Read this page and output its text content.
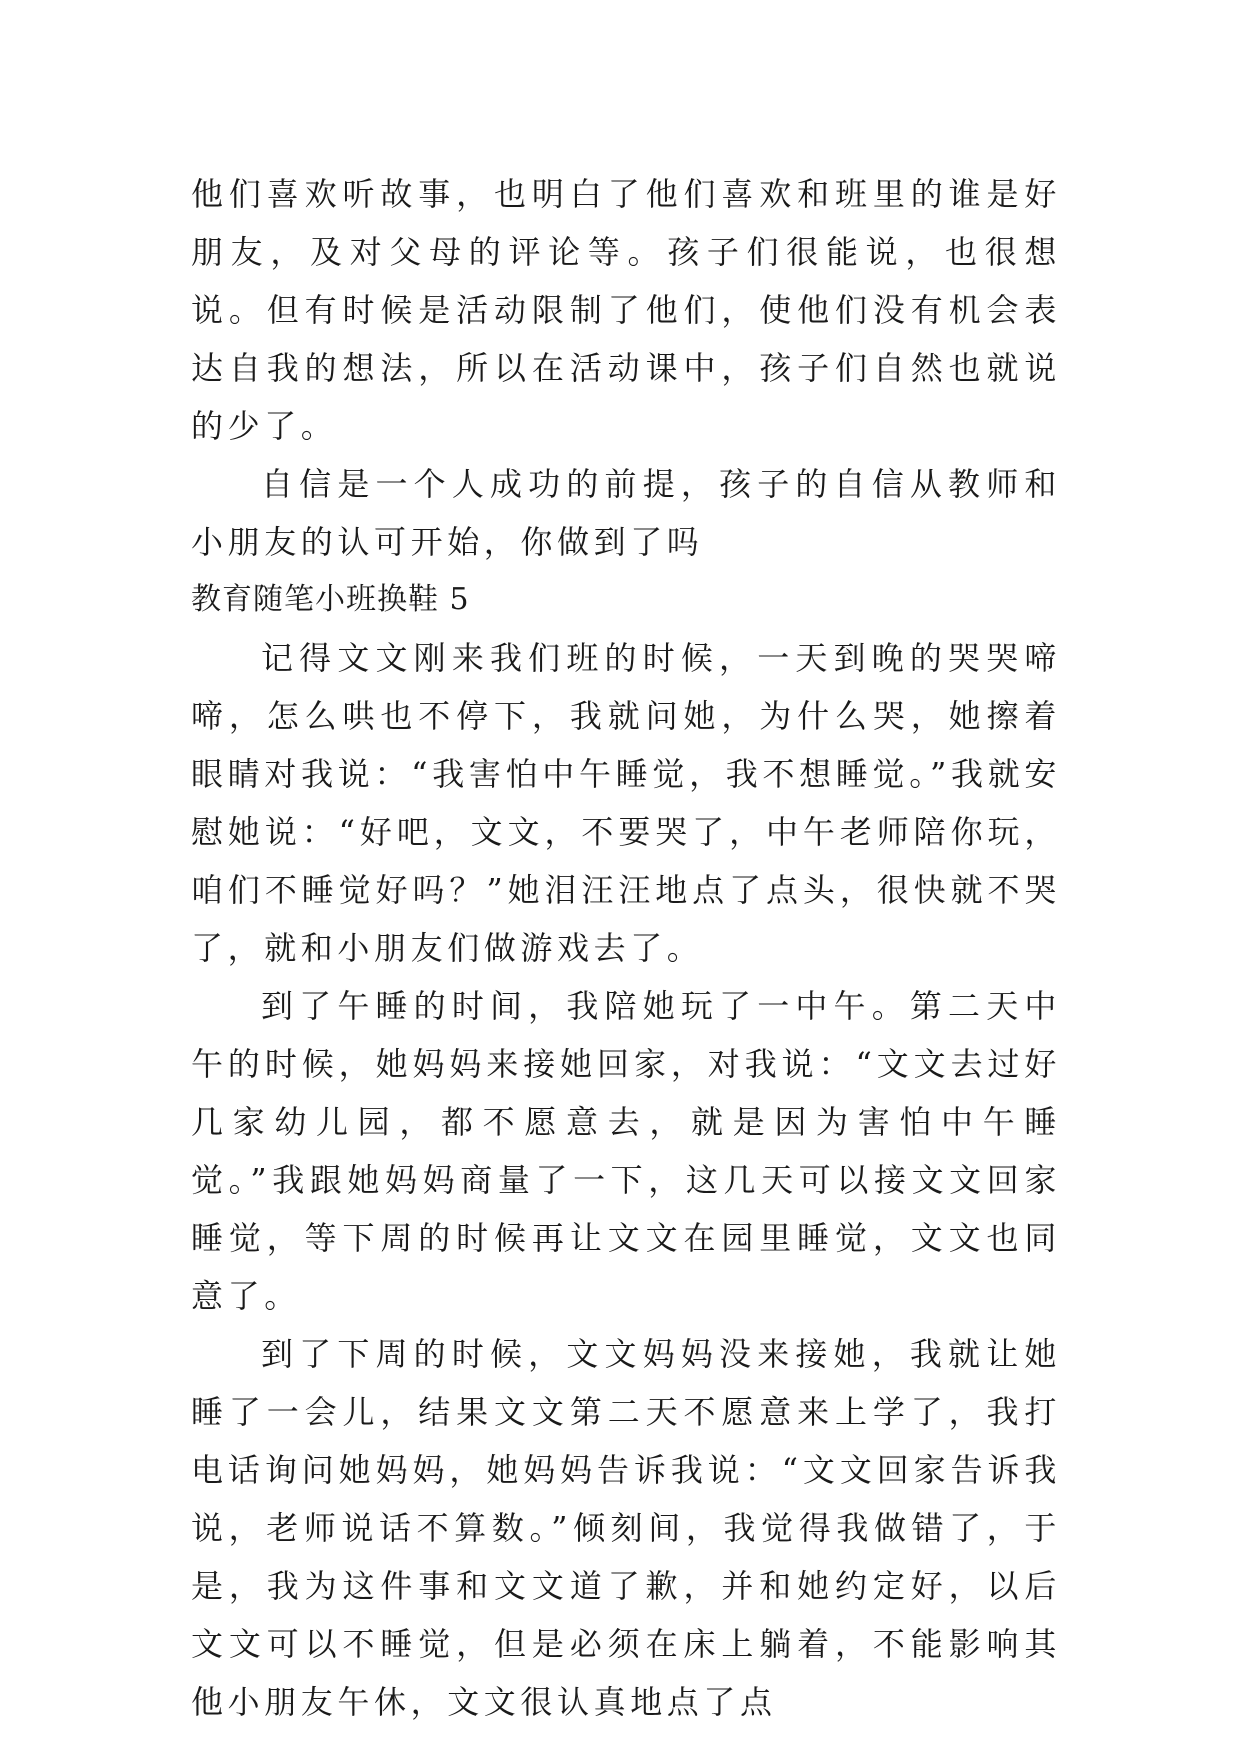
他们喜欢听故事，也明白了他们喜欢和班里的谁是好朋友，及对父母的评论等。孩子们很能说，也很想说。但有时候是活动限制了他们，使他们没有机会表达自我的想法，所以在活动课中，孩子们自然也就说的少了。

自信是一个人成功的前提，孩子的自信从教师和小朋友的认可开始，你做到了吗

教育随笔小班换鞋 5

记得文文刚来我们班的时候，一天到晚的哭哭啼啼，怎么哄也不停下，我就问她，为什么哭，她擦着眼睛对我说：“我害怕中午睡觉，我不想睡觉。”我就安慰她说：“好吧，文文，不要哭了，中午老师陪你玩，咱们不睡觉好吗？”她泪汪汪地点了点头，很快就不哭了，就和小朋友们做游戏去了。

到了午睡的时间，我陪她玩了一中午。第二天中午的时候，她妈妈来接她回家，对我说：“文文去过好几家幼儿园，都不愿意去，就是因为害怕中午睡觉。”我跟她妈妈商量了一下，这几天可以接文文回家睡觉，等下周的时候再让文文在园里睡觉，文文也同意了。

到了下周的时候，文文妈妈没来接她，我就让她睡了一会儿，结果文文第二天不愿意来上学了，我打电话询问她妈妈，她妈妈告诉我说：“文文回家告诉我说，老师说话不算数。”倾刻间，我觉得我做错了，于是，我为这件事和文文道了歉，并和她约定好，以后文文可以不睡觉，但是必须在床上躺着，不能影响其他小朋友午休，文文很认真地点了点
